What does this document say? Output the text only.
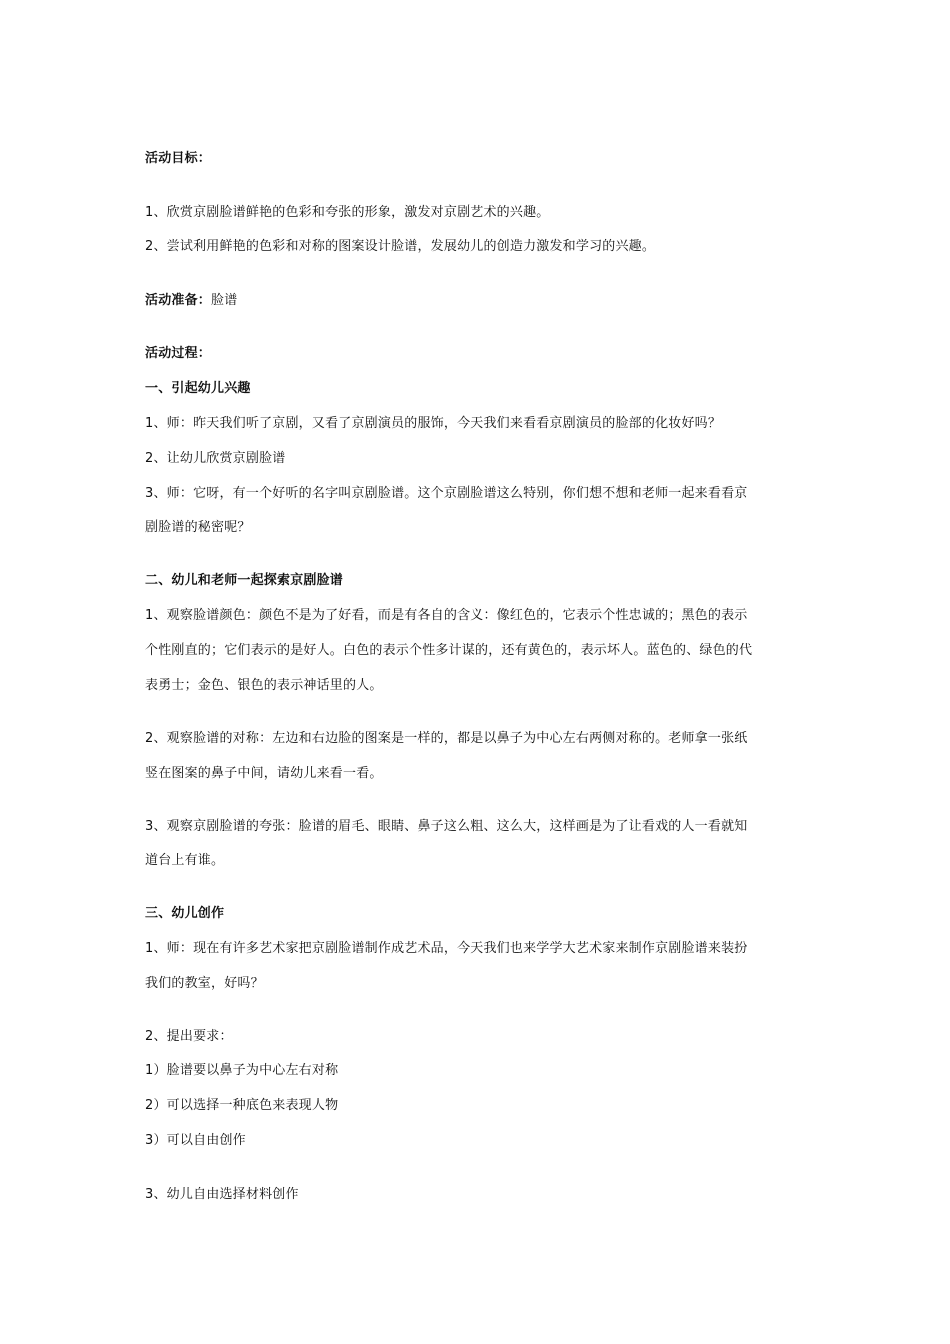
活动目标：
1、欣赏京剧脸谱鲜艳的色彩和夸张的形象，激发对京剧艺术的兴趣。
2、尝试利用鲜艳的色彩和对称的图案设计脸谱，发展幼儿的创造力激发和学习的兴趣。
活动准备：脸谱
活动过程：
一、引起幼儿兴趣
1、师：昨天我们听了京剧，又看了京剧演员的服饰，今天我们来看看京剧演员的脸部的化妆好吗？
2、让幼儿欣赏京剧脸谱
3、师：它呀，有一个好听的名字叫京剧脸谱。这个京剧脸谱这么特别，你们想不想和老师一起来看看京
剧脸谱的秘密呢？
二、幼儿和老师一起探索京剧脸谱
1、观察脸谱颜色：颜色不是为了好看，而是有各自的含义：像红色的，它表示个性忠诚的；黑色的表示
个性刚直的；它们表示的是好人。白色的表示个性多计谋的，还有黄色的，表示坏人。蓝色的、绿色的代
表勇士；金色、银色的表示神话里的人。
2、观察脸谱的对称：左边和右边脸的图案是一样的，都是以鼻子为中心左右两侧对称的。老师拿一张纸
竖在图案的鼻子中间，请幼儿来看一看。
3、观察京剧脸谱的夸张：脸谱的眉毛、眼睛、鼻子这么粗、这么大，这样画是为了让看戏的人一看就知
道台上有谁。
三、幼儿创作
1、师：现在有许多艺术家把京剧脸谱制作成艺术品，今天我们也来学学大艺术家来制作京剧脸谱来装扮
我们的教室，好吗？
2、提出要求：
1）脸谱要以鼻子为中心左右对称
2）可以选择一种底色来表现人物
3）可以自由创作
3、幼儿自由选择材料创作
